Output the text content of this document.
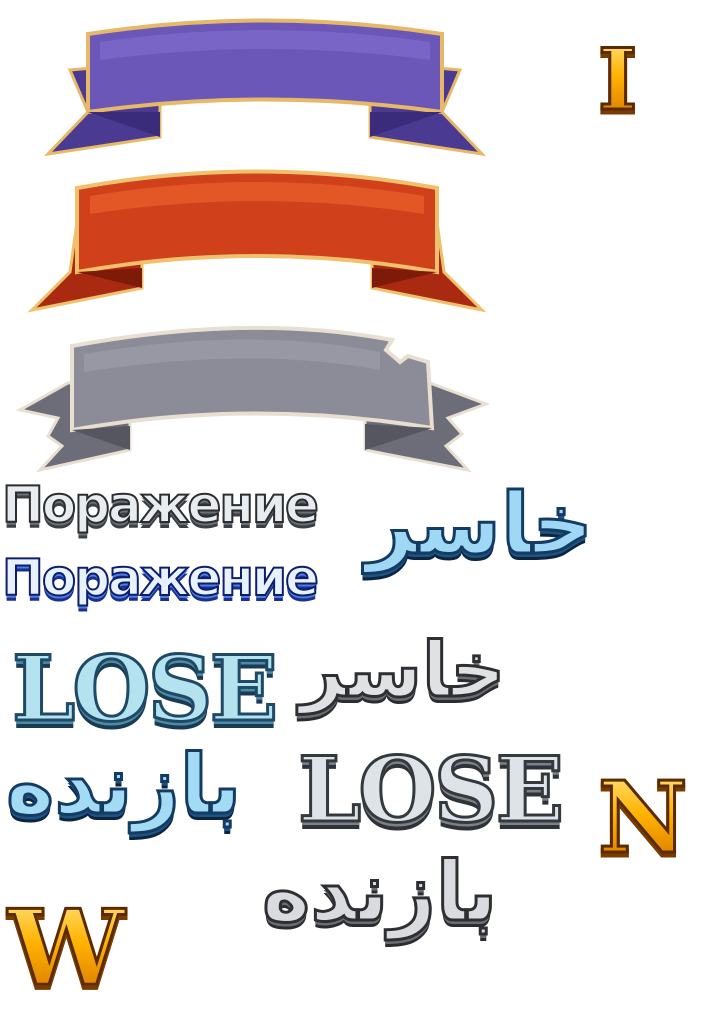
I
N
W
Поражение
Поражение
خاسر
خاسر
بازنده
بازنده
LOSE
LOSE
